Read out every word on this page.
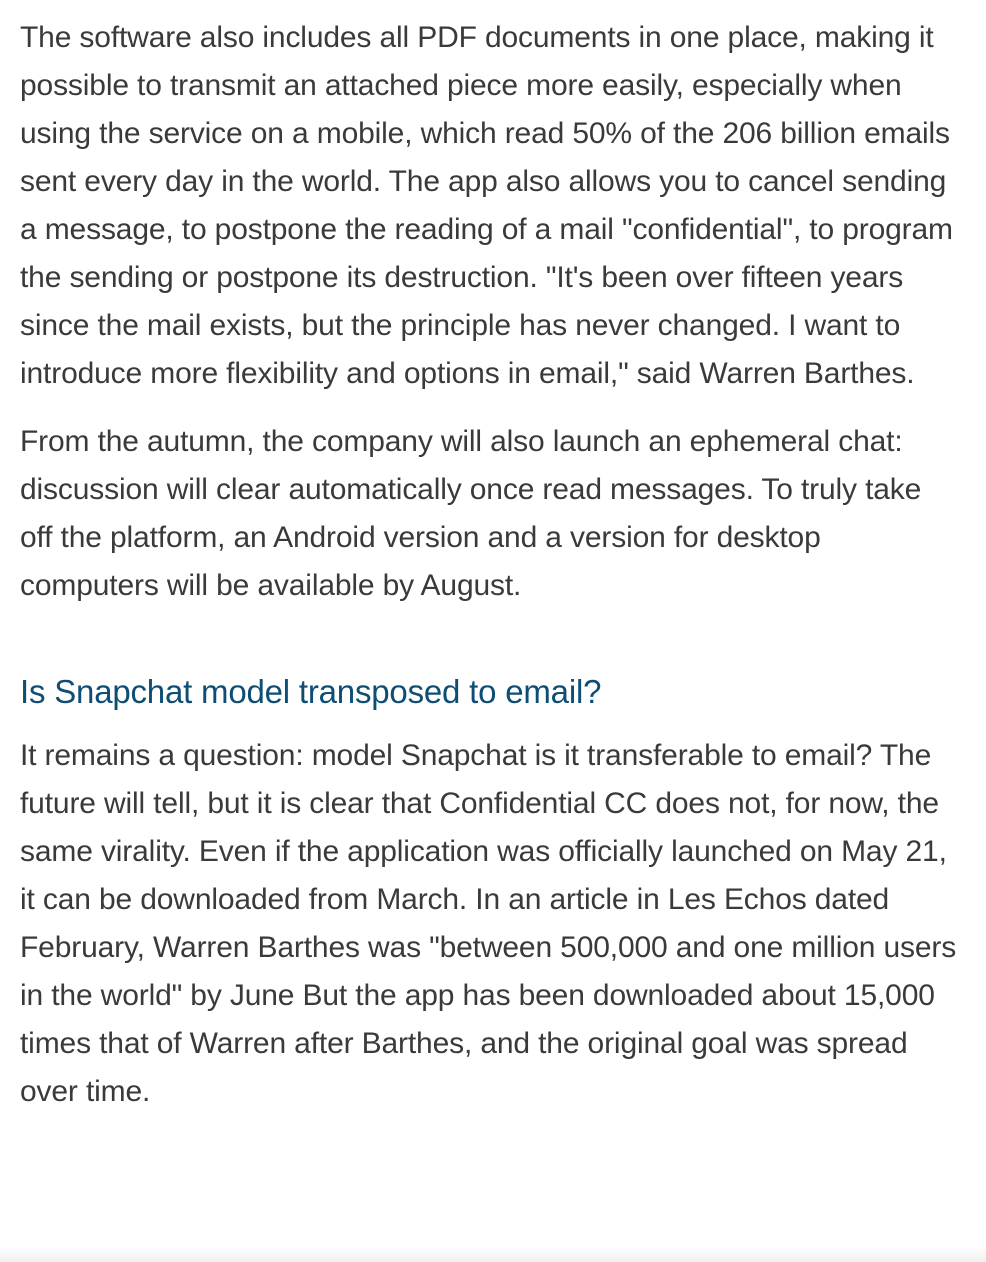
The software also includes all PDF documents in one place, making it possible to transmit an attached piece more easily, especially when using the service on a mobile, which read 50% of the 206 billion emails sent every day in the world. The app also allows you to cancel sending a message, to postpone the reading of a mail "confidential", to program the sending or postpone its destruction. "It's been over fifteen years since the mail exists, but the principle has never changed. I want to introduce more flexibility and options in email," said Warren Barthes.

From the autumn, the company will also launch an ephemeral chat: discussion will clear automatically once read messages. To truly take off the platform, an Android version and a version for desktop computers will be available by August.

Is Snapchat model transposed to email?

It remains a question: model Snapchat is it transferable to email? The future will tell, but it is clear that Confidential CC does not, for now, the same virality. Even if the application was officially launched on May 21, it can be downloaded from March. In an article in Les Echos dated February, Warren Barthes was "between 500,000 and one million users in the world" by June But the app has been downloaded about 15,000 times that of Warren after Barthes, and the original goal was spread over time.
